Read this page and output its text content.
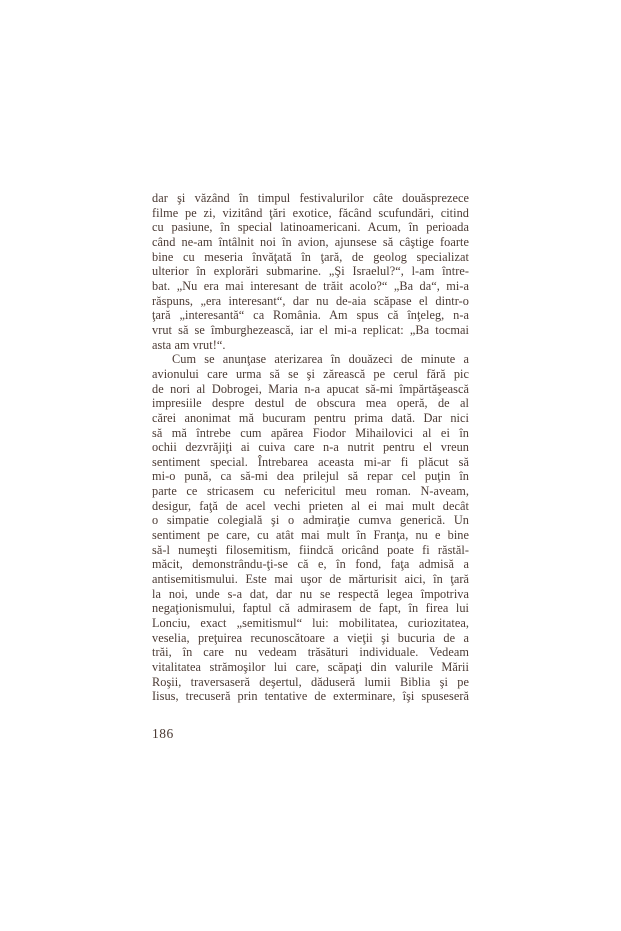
dar şi văzând în timpul festivalurilor câte douăsprezece
filme pe zi, vizitând ţări exotice, făcând scufundări, citind
cu pasiune, în special latinoamericani. Acum, în perioada
când ne-am întâlnit noi în avion, ajunsese să câştige foarte
bine cu meseria învăţată în ţară, de geolog specializat
ulterior în explorări submarine. „Şi Israelul?“, l-am între-
bat. „Nu era mai interesant de trăit acolo?“ „Ba da“, mi-a
răspuns, „era interesant“, dar nu de-aia scăpase el dintr-o
ţară „interesantă“ ca România. Am spus că înţeleg, n-a
vrut să se îmburghezească, iar el mi-a replicat: „Ba tocmai
asta am vrut!“.
Cum se anunţase aterizarea în douăzeci de minute a
avionului care urma să se şi zărească pe cerul fără pic
de nori al Dobrogei, Maria n-a apucat să-mi împărtăşească
impresiile despre destul de obscura mea operă, de al
cărei anonimat mă bucuram pentru prima dată. Dar nici
să mă întrebe cum apărea Fiodor Mihailovici al ei în
ochii dezvrăjiţi ai cuiva care n-a nutrit pentru el vreun
sentiment special. Întrebarea aceasta mi-ar fi plăcut să
mi-o pună, ca să-mi dea prilejul să repar cel puţin în
parte ce stricasem cu nefericitul meu roman. N-aveam,
desigur, faţă de acel vechi prieten al ei mai mult decât
o simpatie colegială şi o admiraţie cumva generică. Un
sentiment pe care, cu atât mai mult în Franţa, nu e bine
să-l numeşti filosemitism, fiindcă oricând poate fi răstăl-
măcit, demonstrându-ţi-se că e, în fond, faţa admisă a
antisemitismului. Este mai uşor de mărturisit aici, în ţară
la noi, unde s-a dat, dar nu se respectă legea împotriva
negaţionismului, faptul că admirasem de fapt, în firea lui
Lonciu, exact „semitismul“ lui: mobilitatea, curiozitatea,
veselia, preţuirea recunoscătoare a vieţii şi bucuria de a
trăi, în care nu vedeam trăsături individuale. Vedeam
vitalitatea strămoşilor lui care, scăpaţi din valurile Mării
Roşii, traversaseră deşertul, dăduseră lumii Biblia şi pe
Iisus, trecuseră prin tentative de exterminare, îşi spuseseră
186
